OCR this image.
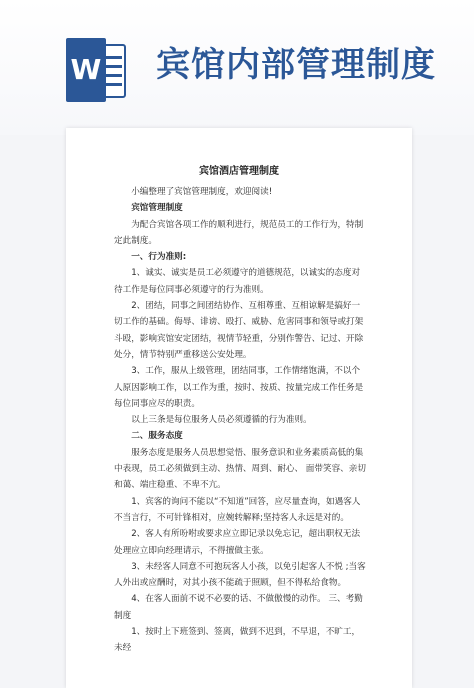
W 宾馆内部管理制度
宾馆酒店管理制度

小编整理了宾馆管理制度，欢迎阅读!

宾馆管理制度

为配合宾馆各项工作的顺利进行，规范员工的工作行为，特制定此制度。

一、行为准则:

1、诚实、诚实是员工必须遵守的道德规范，以诚实的态度对待工作是每位同事必须遵守的行为准则。

2、团结，同事之间团结协作、互相尊重、互相谅解是搞好一切工作的基础。侮辱、诽谤、殴打、威胁、危害同事和领导或打架斗殴，影响宾馆安定团结，视情节轻重，分别作警告、记过、开除处分，情节特别严重移送公安处理。

3、工作，服从上级管理，团结同事，工作情绪饱满，不以个人原因影响工作，以工作为重，按时、按质、按量完成工作任务是每位同事应尽的职责。

以上三条是每位服务人员必须遵循的行为准则。

二、服务态度

服务态度是服务人员思想觉悟、服务意识和业务素质高低的集中表现，员工必须做到主动、热情、周到、耐心、 面带笑容、亲切和蔼、端庄稳重、不卑不亢。

1、宾客的询问不能以“不知道”回答，应尽量查询，如遇客人不当言行，不可针锋相对，应婉转解释;坚持客人永远是对的。

2、客人有所吩咐或要求应立即记录以免忘记，超出职权无法处理应立即向经理请示，不得擅做主张。

3、未经客人同意不可抱玩客人小孩，以免引起客人不悦 ;当客人外出或应酬时，对其小孩不能疏于照顾，但不得私给食物。

4、在客人面前不说不必要的话、不做傲慢的动作。 三、考勤制度

1、按时上下班签到、签离，做到不迟到，不早退，不旷工，未经
